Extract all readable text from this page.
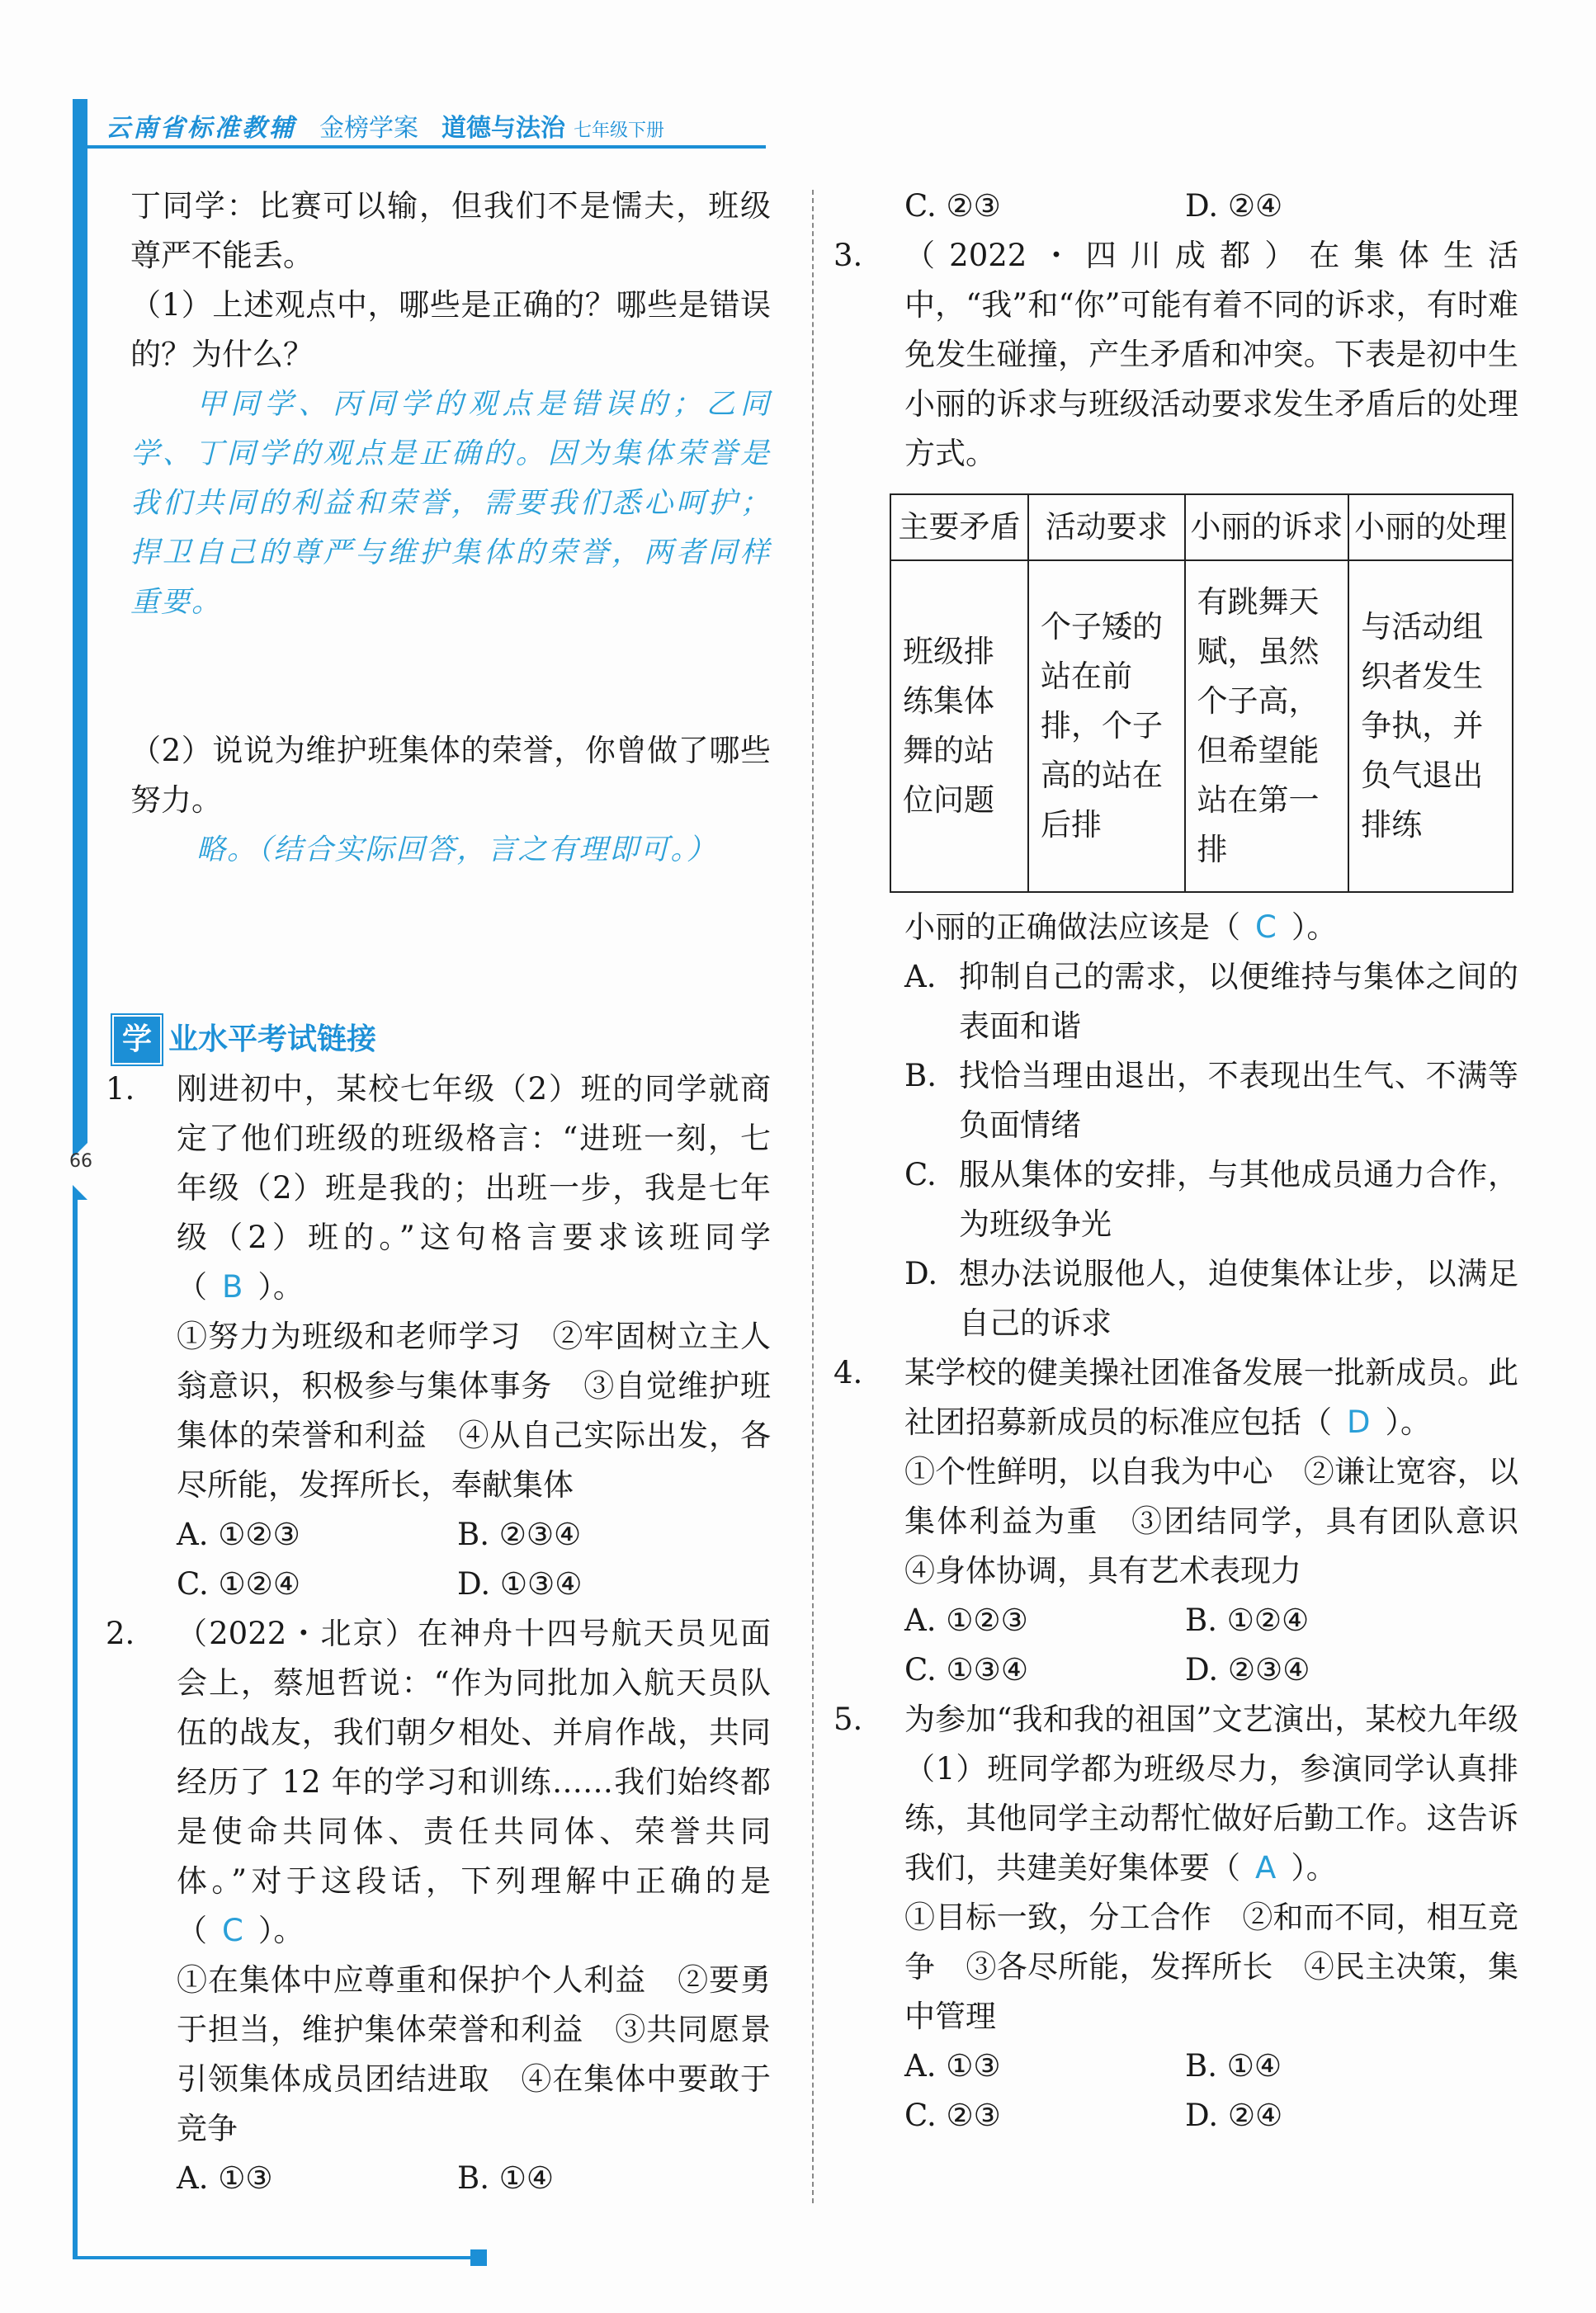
云南省标准教辅 金榜学案 道德与法治 七年级下册
66

丁同学：比赛可以输，但我们不是懦夫，班级尊严不能丢。

（1）上述观点中，哪些是正确的？哪些是错误的？为什么？

甲同学、丙同学的观点是错误的；乙同学、丁同学的观点是正确的。因为集体荣誉是我们共同的利益和荣誉，需要我们悉心呵护；捍卫自己的尊严与维护集体的荣誉，两者同样重要。

（2）说说为维护班集体的荣誉，你曾做了哪些努力。

略。（结合实际回答，言之有理即可。）

学 业水平考试链接

1. 刚进初中，某校七年级（2）班的同学就商定了他们班级的班级格言：“进班一刻，七年级（2）班是我的；出班一步，我是七年级（2）班的。”这句格言要求该班同学（ B ）。

①努力为班级和老师学习　②牢固树立主人翁意识，积极参与集体事务　③自觉维护班集体的荣誉和利益　④从自己实际出发，各尽所能，发挥所长，奉献集体

A. ①②③	B. ②③④
C. ①②④	D. ①③④

2. （2022・北京）在神舟十四号航天员见面会上，蔡旭哲说：“作为同批加入航天员队伍的战友，我们朝夕相处、并肩作战，共同经历了 12 年的学习和训练……我们始终都是使命共同体、责任共同体、荣誉共同体。”对于这段话，下列理解中正确的是（ C ）。

①在集体中应尊重和保护个人利益　②要勇于担当，维护集体荣誉和利益　③共同愿景引领集体成员团结进取　④在集体中要敢于竞争

A. ①③	B. ①④
C. ②③	D. ②④

3. （2022・四川成都）在集体生活中，“我”和“你”可能有着不同的诉求，有时难免发生碰撞，产生矛盾和冲突。下表是初中生小丽的诉求与班级活动要求发生矛盾后的处理方式。

主要矛盾	活动要求	小丽的诉求	小丽的处理
班级排练集体舞的站位问题	个子矮的站在前排，个子高的站在后排	有跳舞天赋，虽然个子高，但希望能站在第一排	与活动组织者发生争执，并负气退出排练

小丽的正确做法应该是（ C ）。

A. 抑制自己的需求，以便维持与集体之间的表面和谐

B. 找恰当理由退出，不表现出生气、不满等负面情绪

C. 服从集体的安排，与其他成员通力合作，为班级争光

D. 想办法说服他人，迫使集体让步，以满足自己的诉求

4. 某学校的健美操社团准备发展一批新成员。此社团招募新成员的标准应包括（ D ）。

①个性鲜明，以自我为中心　②谦让宽容，以集体利益为重　③团结同学，具有团队意识　④身体协调，具有艺术表现力

A. ①②③	B. ①②④
C. ①③④	D. ②③④

5. 为参加“我和我的祖国”文艺演出，某校九年级（1）班同学都为班级尽力，参演同学认真排练，其他同学主动帮忙做好后勤工作。这告诉我们，共建美好集体要（ A ）。

①目标一致，分工合作　②和而不同，相互竞争　③各尽所能，发挥所长　④民主决策，集中管理

A. ①③	B. ①④
C. ②③	D. ②④
